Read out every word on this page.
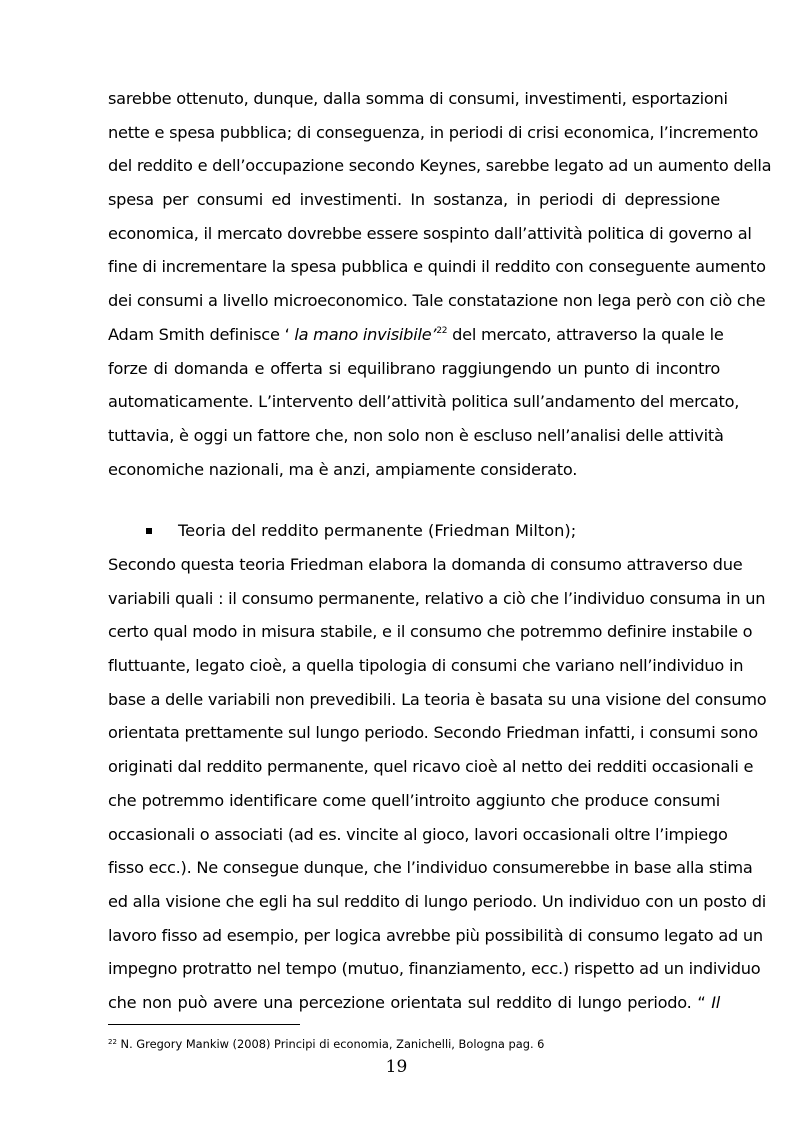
sarebbe ottenuto, dunque, dalla somma di consumi, investimenti, esportazioni
nette e spesa pubblica; di conseguenza, in periodi di crisi economica, l’incremento
del reddito e dell’occupazione secondo Keynes, sarebbe legato ad un aumento della
spesa per consumi ed investimenti. In sostanza, in periodi di depressione
economica, il mercato dovrebbe essere sospinto dall’attività politica di governo al
fine di incrementare la spesa pubblica e quindi il reddito con conseguente aumento
dei consumi a livello microeconomico. Tale constatazione non lega però con ciò che
Adam Smith definisce ‘ la mano invisibile’$^{22}$ del mercato, attraverso la quale le
forze di domanda e offerta si equilibrano raggiungendo un punto di incontro
automaticamente. L’intervento dell’attività politica sull’andamento del mercato,
tuttavia, è oggi un fattore che, non solo non è escluso nell’analisi delle attività
economiche nazionali, ma è anzi, ampiamente considerato.
Teoria del reddito permanente (Friedman Milton);
Secondo questa teoria Friedman elabora la domanda di consumo attraverso due
variabili quali : il consumo permanente, relativo a ciò che l’individuo consuma in un
certo qual modo in misura stabile, e il consumo che potremmo definire instabile o
fluttuante, legato cioè, a quella tipologia di consumi che variano nell’individuo in
base a delle variabili non prevedibili. La teoria è basata su una visione del consumo
orientata prettamente sul lungo periodo. Secondo Friedman infatti, i consumi sono
originati dal reddito permanente, quel ricavo cioè al netto dei redditi occasionali e
che potremmo identificare come quell’introito aggiunto che produce consumi
occasionali o associati (ad es. vincite al gioco, lavori occasionali oltre l’impiego
fisso ecc.). Ne consegue dunque, che l’individuo consumerebbe in base alla stima
ed alla visione che egli ha sul reddito di lungo periodo. Un individuo con un posto di
lavoro fisso ad esempio, per logica avrebbe più possibilità di consumo legato ad un
impegno protratto nel tempo (mutuo, finanziamento, ecc.) rispetto ad un individuo
che non può avere una percezione orientata sul reddito di lungo periodo. “ Il
$^{22}$ N. Gregory Mankiw (2008) Principi di economia, Zanichelli, Bologna pag. 6
19
